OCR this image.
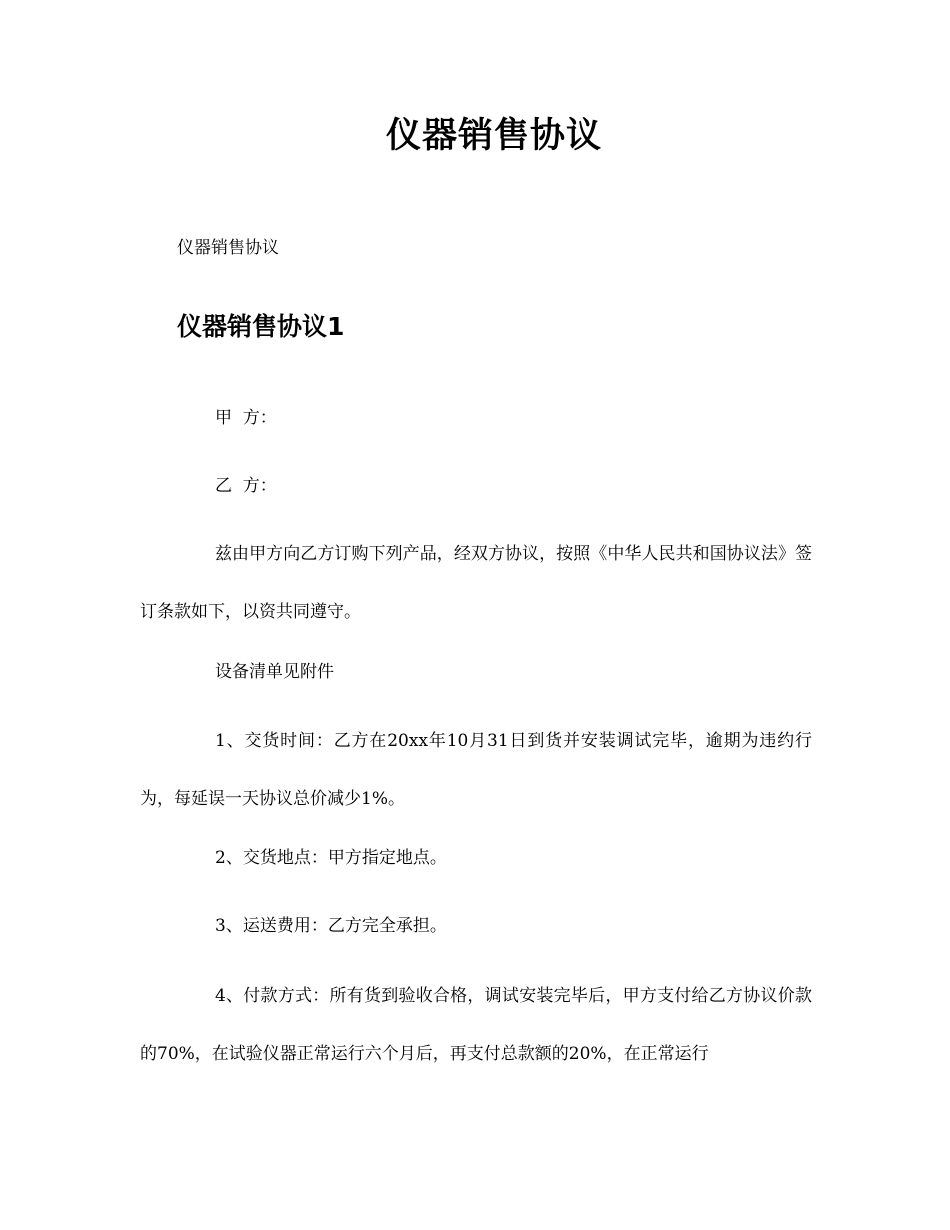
仪器销售协议
仪器销售协议
仪器销售协议1
甲  方：
乙  方：

兹由甲方向乙方订购下列产品，经双方协议，按照《中华人民共和国协议法》签订条款如下，以资共同遵守。

设备清单见附件

1、交货时间：乙方在20xx年10月31日到货并安装调试完毕，逾期为违约行为，每延误一天协议总价减少1%。

2、交货地点：甲方指定地点。
3、运送费用：乙方完全承担。

4、付款方式：所有货到验收合格，调试安装完毕后，甲方支付给乙方协议价款的70%，在试验仪器正常运行六个月后，再支付总款额的20%，在正常运行
